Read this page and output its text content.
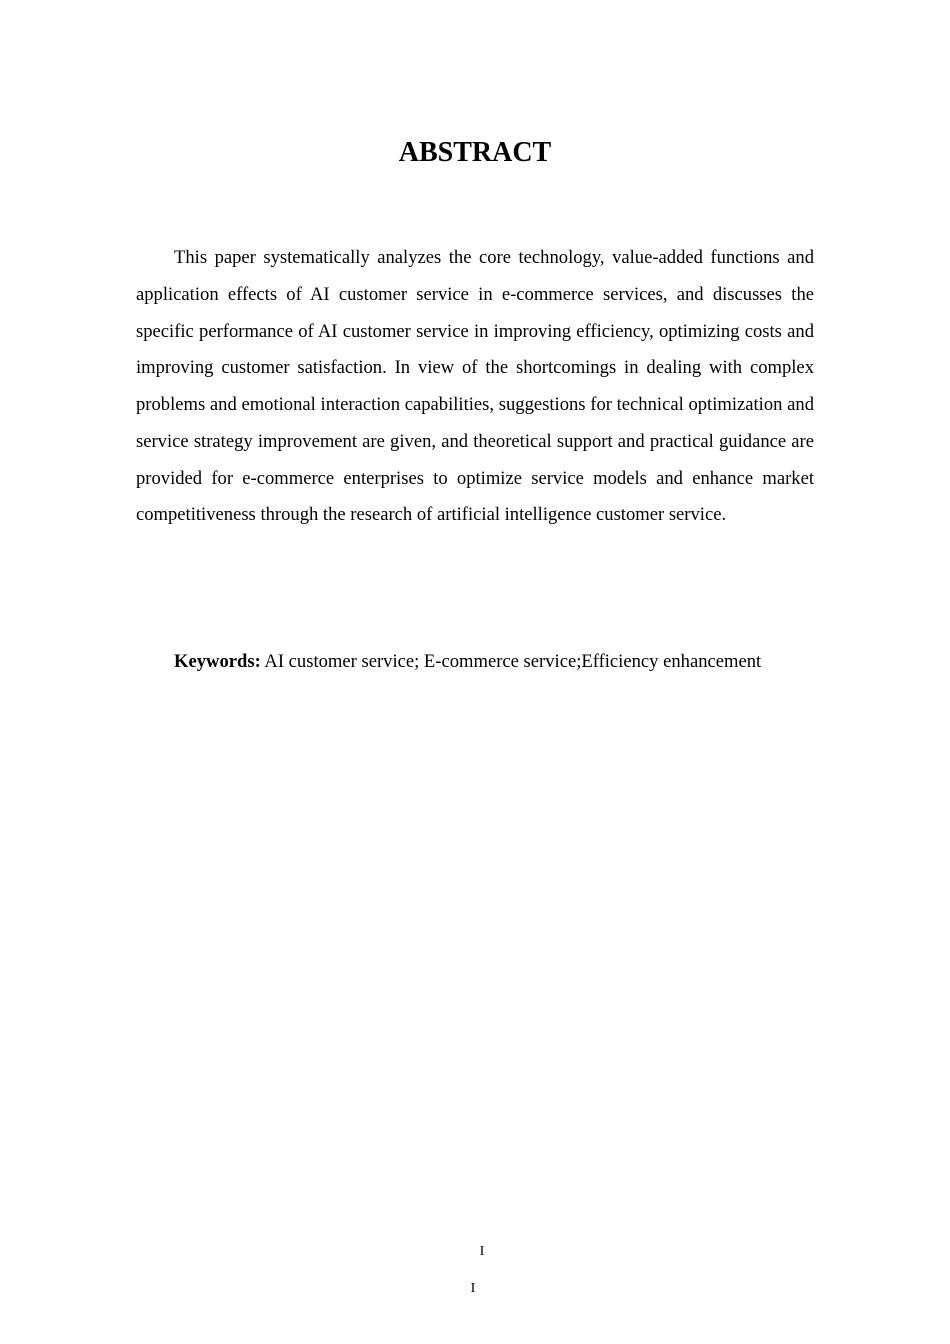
ABSTRACT

This paper systematically analyzes the core technology, value-added functions and application effects of AI customer service in e-commerce services, and discusses the specific performance of AI customer service in improving efficiency, optimizing costs and improving customer satisfaction. In view of the shortcomings in dealing with complex problems and emotional interaction capabilities, suggestions for technical optimization and service strategy improvement are given, and theoretical support and practical guidance are provided for e-commerce enterprises to optimize service models and enhance market competitiveness through the research of artificial intelligence customer service.

Keywords: AI customer service; E-commerce service;Efficiency enhancement

I
I
